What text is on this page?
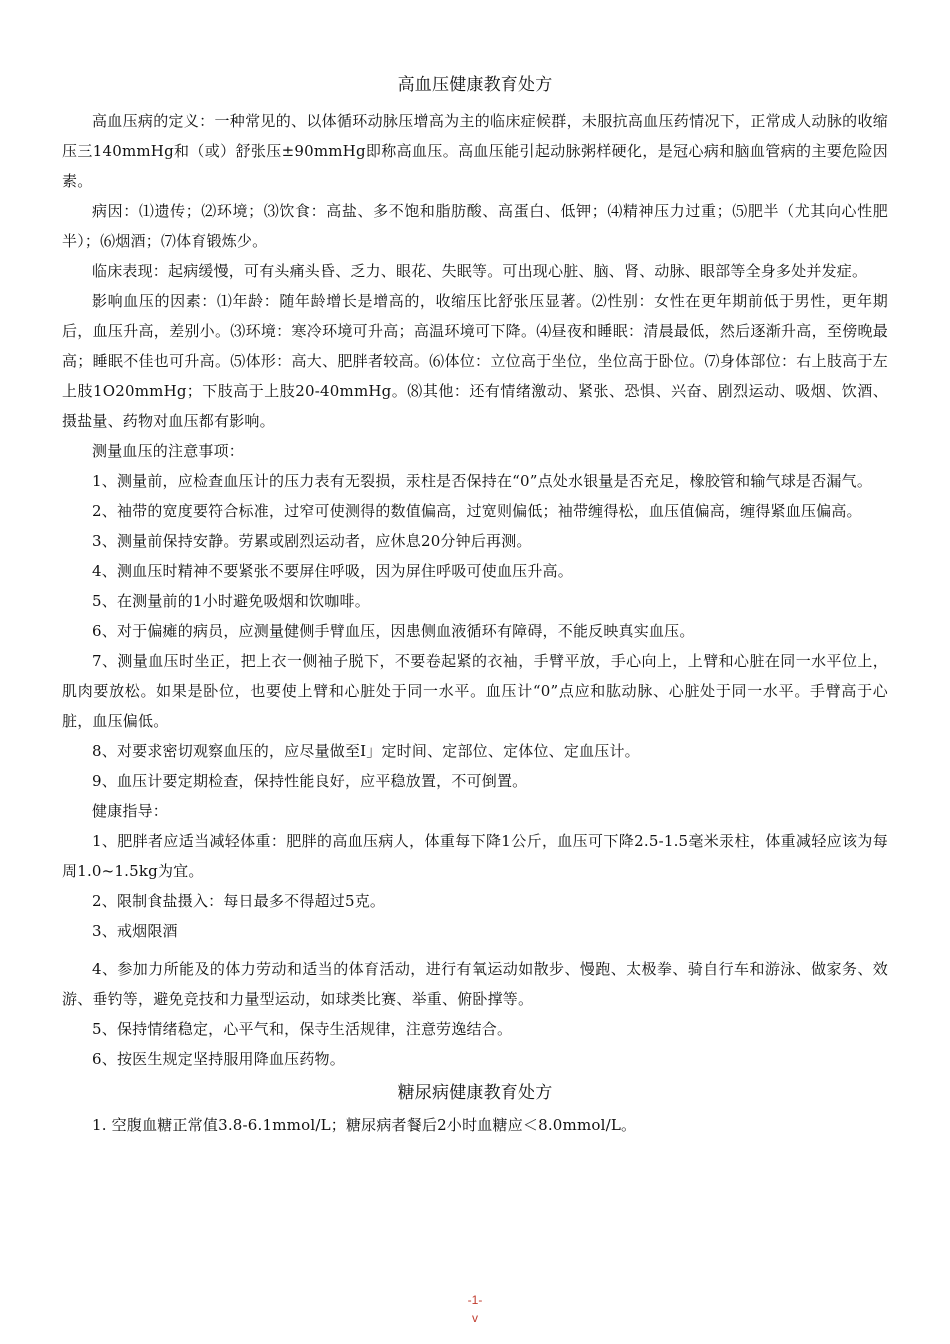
高血压健康教育处方

高血压病的定义：一种常见的、以体循环动脉压增高为主的临床症候群，未服抗高血压药情况下，正常成人动脉的收缩压三140mmHg和（或）舒张压±90mmHg即称高血压。高血压能引起动脉粥样硬化，是冠心病和脑血管病的主要危险因素。

病因：⑴遗传；⑵环境；⑶饮食：高盐、多不饱和脂肪酸、高蛋白、低钾；⑷精神压力过重；⑸肥半（尤其向心性肥半）；⑹烟酒；⑺体育锻炼少。

临床表现：起病缓慢，可有头痛头昏、乏力、眼花、失眠等。可出现心脏、脑、肾、动脉、眼部等全身多处并发症。

影响血压的因素：⑴年龄：随年龄增长是增高的，收缩压比舒张压显著。⑵性别：女性在更年期前低于男性，更年期后，血压升高，差别小。⑶环境：寒冷环境可升高；高温环境可下降。⑷昼夜和睡眠：清晨最低，然后逐渐升高，至傍晚最高；睡眠不佳也可升高。⑸体形：高大、肥胖者较高。⑹体位：立位高于坐位，坐位高于卧位。⑺身体部位：右上肢高于左上肢1O20mmHg；下肢高于上肢20-40mmHg。⑻其他：还有情绪激动、紧张、恐惧、兴奋、剧烈运动、吸烟、饮酒、摄盐量、药物对血压都有影响。

测量血压的注意事项：

1、测量前，应检查血压计的压力表有无裂损，汞柱是否保持在“0”点处水银量是否充足，橡胶管和输气球是否漏气。

2、袖带的宽度要符合标准，过窄可使测得的数值偏高，过宽则偏低；袖带缠得松，血压值偏高，缠得紧血压偏高。

3、测量前保持安静。劳累或剧烈运动者，应休息20分钟后再测。

4、测血压时精神不要紧张不要屏住呼吸，因为屏住呼吸可使血压升高。

5、在测量前的1小时避免吸烟和饮咖啡。

6、对于偏瘫的病员，应测量健侧手臂血压，因患侧血液循环有障碍，不能反映真实血压。

7、测量血压时坐正，把上衣一侧袖子脱下，不要卷起紧的衣袖，手臂平放，手心向上，上臂和心脏在同一水平位上，肌肉要放松。如果是卧位，也要使上臂和心脏处于同一水平。血压计“0”点应和肱动脉、心脏处于同一水平。手臂高于心脏，血压偏低。

8、对要求密切观察血压的，应尽量做至Ⅰ」定时间、定部位、定体位、定血压计。

9、血压计要定期检查，保持性能良好，应平稳放置，不可倒置。

健康指导：

1、肥胖者应适当减轻体重：肥胖的高血压病人，体重每下降1公斤，血压可下降2.5-1.5毫米汞柱，体重减轻应该为每周1.0~1.5kg为宜。

2、限制食盐摄入：每日最多不得超过5克。

3、戒烟限酒

4、参加力所能及的体力劳动和适当的体育活动，进行有氧运动如散步、慢跑、太极拳、骑自行车和游泳、做家务、效游、垂钓等，避免竞技和力量型运动，如球类比赛、举重、俯卧撑等。

5、保持情绪稳定，心平气和，保寺生活规律，注意劳逸结合。

6、按医生规定坚持服用降血压药物。

糖尿病健康教育处方

1. 空腹血糖正常值3.8-6.1mmol/L；糖尿病者餐后2小时血糖应＜8.0mmol/L。

-1-
v
